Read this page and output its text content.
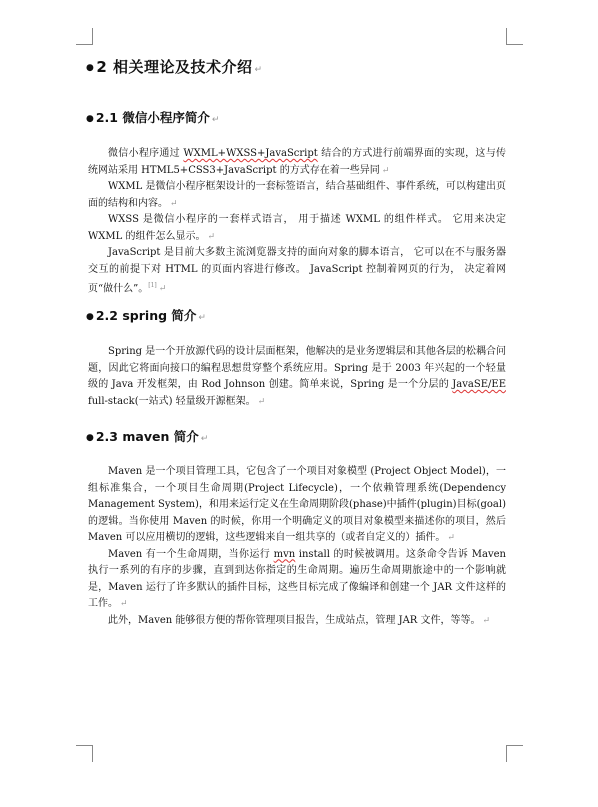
● 2 相关理论及技术介绍 ↵
● 2.1 微信小程序简介 ↵

微信小程序通过 WXML+WXSS+JavaScript 结合的方式进行前端界面的实现，这与传统网站采用 HTML5+CSS3+JavaScript 的方式存在着一些异同 ↵

WXML 是微信小程序框架设计的一套标签语言，结合基础组件、事件系统，可以构建出页面的结构和内容。 ↵

WXSS 是微信小程序的一套样式语言， 用于描述 WXML 的组件样式。 它用来决定 WXML 的组件怎么显示。 ↵

JavaScript 是目前大多数主流浏览器支持的面向对象的脚本语言， 它可以在不与服务器交互的前提下对 HTML 的页面内容进行修改。 JavaScript 控制着网页的行为， 决定着网页“做什么”。[1] ↵

● 2.2 spring 简介 ↵

Spring 是一个开放源代码的设计层面框架，他解决的是业务逻辑层和其他各层的松耦合问题，因此它将面向接口的编程思想贯穿整个系统应用。Spring 是于 2003 年兴起的一个轻量级的 Java 开发框架，由 Rod Johnson 创建。简单来说，Spring 是一个分层的 JavaSE/EE full-stack(一站式) 轻量级开源框架。 ↵

● 2.3 maven 简介 ↵

Maven 是一个项目管理工具，它包含了一个项目对象模型 (Project Object Model)，一组标准集合，一个项目生命周期(Project Lifecycle)，一个依赖管理系统(Dependency Management System)，和用来运行定义在生命周期阶段(phase)中插件(plugin)目标(goal)的逻辑。当你使用 Maven 的时候，你用一个明确定义的项目对象模型来描述你的项目，然后 Maven 可以应用横切的逻辑，这些逻辑来自一组共享的（或者自定义的）插件。 ↵

Maven 有一个生命周期，当你运行 mvn install 的时候被调用。这条命令告诉 Maven 执行一系列的有序的步骤，直到到达你指定的生命周期。遍历生命周期旅途中的一个影响就是，Maven 运行了许多默认的插件目标，这些目标完成了像编译和创建一个 JAR 文件这样的工作。 ↵

此外，Maven 能够很方便的帮你管理项目报告，生成站点，管理 JAR 文件，等等。 ↵
